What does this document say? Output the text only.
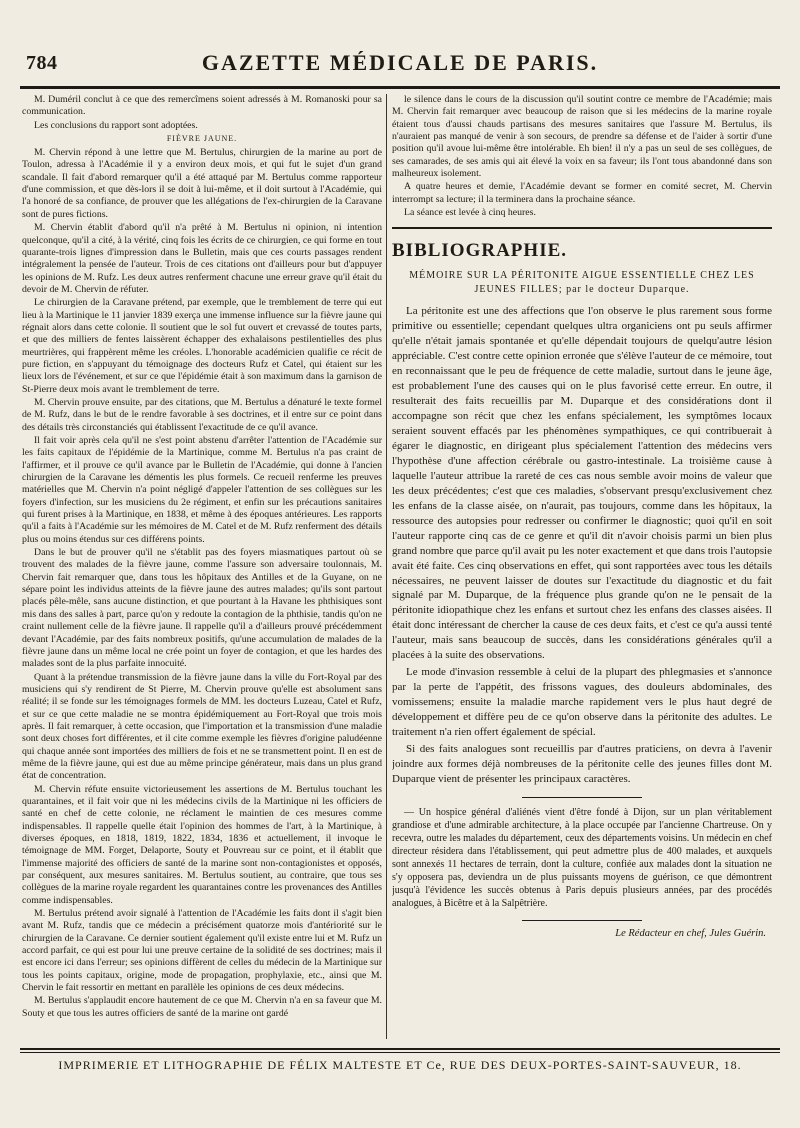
784	GAZETTE MÉDICALE DE PARIS.

M. Duméril conclut à ce que des remercîmens soient adressés à M. Romanoski pour sa communication.

Les conclusions du rapport sont adoptées.

FIÈVRE JAUNE.

M. Chervin répond à une lettre que M. Bertulus, chirurgien de la marine au port de Toulon, adressa à l'Académie il y a environ deux mois, et qui fut le sujet d'un grand scandale. Il fait d'abord remarquer qu'il a été attaqué par M. Bertulus comme rapporteur d'une commission, et que dès-lors il se doit à lui-même, et il doit surtout à l'Académie, qui l'a honoré de sa confiance, de prouver que les allégations de l'ex-chirurgien de la Caravane sont de pures fictions.

M. Chervin établit d'abord qu'il n'a prêté à M. Bertulus ni opinion, ni intention quelconque, qu'il a cité, à la vérité, cinq fois les écrits de ce chirurgien, ce qui forme en tout quarante-trois lignes d'impression dans le Bulletin, mais que ces courts passages rendent intégralement la pensée de l'auteur. Trois de ces citations ont d'ailleurs pour but d'appuyer les opinions de M. Rufz. Les deux autres renferment chacune une erreur grave qu'il était du devoir de M. Chervin de réfuter.

Le chirurgien de la Caravane prétend, par exemple, que le tremblement de terre qui eut lieu à la Martinique le 11 janvier 1839 exerça une immense influence sur la fièvre jaune qui régnait alors dans cette colonie. Il soutient que le sol fut ouvert et crevassé de toutes parts, et que des milliers de fentes laissèrent échapper des exhalaisons pestilentielles des plus meurtrières, qui frappèrent même les créoles. L'honorable académicien qualifie ce récit de pure fiction, en s'appuyant du témoignage des docteurs Rufz et Catel, qui étaient sur les lieux lors de l'événement, et sur ce que l'épidémie était à son maximum dans la garnison de St-Pierre deux mois avant le tremblement de terre.

M. Chervin prouve ensuite, par des citations, que M. Bertulus a dénaturé le texte formel de M. Rufz, dans le but de le rendre favorable à ses doctrines, et il entre sur ce point dans des détails très circonstanciés qui établissent l'exactitude de ce qu'il avance.

Il fait voir après cela qu'il ne s'est point abstenu d'arrêter l'attention de l'Académie sur les faits capitaux de l'épidémie de la Martinique, comme M. Bertulus n'a pas craint de l'affirmer, et il prouve ce qu'il avance par le Bulletin de l'Académie, qui donne à l'ancien chirurgien de la Caravane les démentis les plus formels. Ce recueil renferme les preuves matérielles que M. Chervin n'a point négligé d'appeler l'attention de ses collègues sur les foyers d'infection, sur les musiciens du 2e régiment, et enfin sur les précautions sanitaires qui furent prises à la Martinique, en 1838, et même à des époques antérieures. Les rapports qu'il a faits à l'Académie sur les mémoires de M. Catel et de M. Rufz renferment des détails plus ou moins étendus sur ces différens points.

Dans le but de prouver qu'il ne s'établit pas des foyers miasmatiques partout où se trouvent des malades de la fièvre jaune, comme l'assure son adversaire toulonnais, M. Chervin fait remarquer que, dans tous les hôpitaux des Antilles et de la Guyane, on ne sépare point les individus atteints de la fièvre jaune des autres malades; qu'ils sont partout placés pêle-mêle, sans aucune distinction, et que pourtant à la Havane les phthisiques sont mis dans des salles à part, parce qu'on y redoute la contagion de la phthisie, tandis qu'on ne craint nullement celle de la fièvre jaune. Il rappelle qu'il a d'ailleurs prouvé précédemment devant l'Académie, par des faits nombreux positifs, qu'une accumulation de malades de la fièvre jaune dans un même local ne crée point un foyer de contagion, et que les hardes des malades sont de la plus parfaite innocuité.

Quant à la prétendue transmission de la fièvre jaune dans la ville du Fort-Royal par des musiciens qui s'y rendirent de St Pierre, M. Chervin prouve qu'elle est absolument sans réalité; il se fonde sur les témoignages formels de MM. les docteurs Luzeau, Catel et Rufz, et sur ce que cette maladie ne se montra épidémiquement au Fort-Royal que trois mois après. Il fait remarquer, à cette occasion, que l'importation et la transmission d'une maladie sont deux choses fort différentes, et il cite comme exemple les fièvres d'origine paludéenne qui chaque année sont importées des milliers de fois et ne se transmettent point. Il en est de même de la fièvre jaune, qui est due au même principe générateur, mais dans un plus grand état de concentration.

M. Chervin réfute ensuite victorieusement les assertions de M. Bertulus touchant les quarantaines, et il fait voir que ni les médecins civils de la Martinique ni les officiers de santé en chef de cette colonie, ne réclament le maintien de ces mesures comme indispensables. Il rappelle quelle était l'opinion des hommes de l'art, à la Martinique, à diverses époques, en 1818, 1819, 1822, 1834, 1836 et actuellement, il invoque le témoignage de MM. Forget, Delaporte, Souty et Pouvreau sur ce point, et il établit que l'immense majorité des officiers de santé de la marine sont non-contagionistes et opposés, par conséquent, aux mesures sanitaires. M. Bertulus soutient, au contraire, que tous ses collègues de la marine royale regardent les quarantaines contre les provenances des Antilles comme indispensables.

M. Bertulus prétend avoir signalé à l'attention de l'Académie les faits dont il s'agit bien avant M. Rufz, tandis que ce médecin a précisément quatorze mois d'antériorité sur le chirurgien de la Caravane. Ce dernier soutient également qu'il existe entre lui et M. Rufz un accord parfait, ce qui est pour lui une preuve certaine de la solidité de ses doctrines; mais il est encore ici dans l'erreur; ses opinions diffèrent de celles du médecin de la Martinique sur tous les points capitaux, origine, mode de propagation, prophylaxie, etc., ainsi que M. Chervin le fait ressortir en mettant en parallèle les opinions de ces deux médecins.

M. Bertulus s'applaudit encore hautement de ce que M. Chervin n'a en sa faveur que M. Souty et que tous les autres officiers de santé de la marine ont gardé

le silence dans le cours de la discussion qu'il soutint contre ce membre de l'Académie; mais M. Chervin fait remarquer avec beaucoup de raison que si les médecins de la marine royale étaient tous d'aussi chauds partisans des mesures sanitaires que l'assure M. Bertulus, ils n'auraient pas manqué de venir à son secours, de prendre sa défense et de l'aider à sortir d'une position qu'il avoue lui-même être intolérable. Eh bien! il n'y a pas un seul de ses collègues, de ses camarades, de ses amis qui ait élevé la voix en sa faveur; ils l'ont tous abandonné dans son malheureux isolement.

A quatre heures et demie, l'Académie devant se former en comité secret, M. Chervin interrompt sa lecture; il la terminera dans la prochaine séance.

La séance est levée à cinq heures.

BIBLIOGRAPHIE.
MÉMOIRE SUR LA PÉRITONITE AIGUE ESSENTIELLE CHEZ LES JEUNES FILLES; par le docteur Duparque.

La péritonite est une des affections que l'on observe le plus rarement sous forme primitive ou essentielle; cependant quelques ultra organiciens ont pu seuls affirmer qu'elle n'était jamais spontanée et qu'elle dépendait toujours de quelqu'autre lésion appréciable. C'est contre cette opinion erronée que s'élève l'auteur de ce mémoire, tout en reconnaissant que le peu de fréquence de cette maladie, surtout dans le jeune âge, est probablement l'une des causes qui on le plus favorisé cette erreur. En outre, il resulterait des faits recueillis par M. Duparque et des considérations dont il accompagne son récit que chez les enfans spécialement, les symptômes locaux seraient souvent effacés par les phénomènes sympathiques, ce qui contribuerait à égarer le diagnostic, en dirigeant plus spécialement l'attention des médecins vers l'hypothèse d'une affection cérébrale ou gastro-intestinale. La troisième cause à laquelle l'auteur attribue la rareté de ces cas nous semble avoir moins de valeur que les deux précédentes; c'est que ces maladies, s'observant presqu'exclusivement chez les enfans de la classe aisée, on n'aurait, pas toujours, comme dans les hôpitaux, la ressource des autopsies pour redresser ou confirmer le diagnostic; quoi qu'il en soit l'auteur rapporte cinq cas de ce genre et qu'il dit n'avoir choisis parmi un bien plus grand nombre que parce qu'il avait pu les noter exactement et que dans trois l'autopsie avait été faite. Ces cinq observations en effet, qui sont rapportées avec tous les détails nécessaires, ne peuvent laisser de doutes sur l'exactitude du diagnostic et du fait signalé par M. Duparque, de la fréquence plus grande qu'on ne le pensait de la péritonite idiopathique chez les enfans et surtout chez les enfans des classes aisées. Il était donc intéressant de chercher la cause de ces deux faits, et c'est ce qu'a aussi tenté l'auteur, mais sans beaucoup de succès, dans les considérations générales qu'il a placées à la suite des observations.

Le mode d'invasion ressemble à celui de la plupart des phlegmasies et s'annonce par la perte de l'appétit, des frissons vagues, des douleurs abdominales, des vomissemens; ensuite la maladie marche rapidement vers le plus haut degré de développement et diffère peu de ce qu'on observe dans la péritonite des adultes. Le traitement n'a rien offert également de spécial.

Si des faits analogues sont recueillis par d'autres praticiens, on devra à l'avenir joindre aux formes déjà nombreuses de la péritonite celle des jeunes filles dont M. Duparque vient de présenter les principaux caractères.

— Un hospice général d'aliénés vient d'être fondé à Dijon, sur un plan véritablement grandiose et d'une admirable architecture, à la place occupée par l'ancienne Chartreuse. On y recevra, outre les malades du département, ceux des départements voisins. Un médecin en chef directeur résidera dans l'établissement, qui peut admettre plus de 400 malades, et auxquels sont annexés 11 hectares de terrain, dont la culture, confiée aux malades dont la situation ne s'y opposera pas, deviendra un de plus puissants moyens de guérison, ce que démontrent jusqu'à l'évidence les succès obtenus à Paris depuis plusieurs années, par des procédés analogues, à Bicêtre et à la Salpêtrière.

Le Rédacteur en chef, Jules Guérin.
IMPRIMERIE ET LITHOGRAPHIE DE FÉLIX MALTESTE ET Ce, RUE DES DEUX-PORTES-SAINT-SAUVEUR, 18.
